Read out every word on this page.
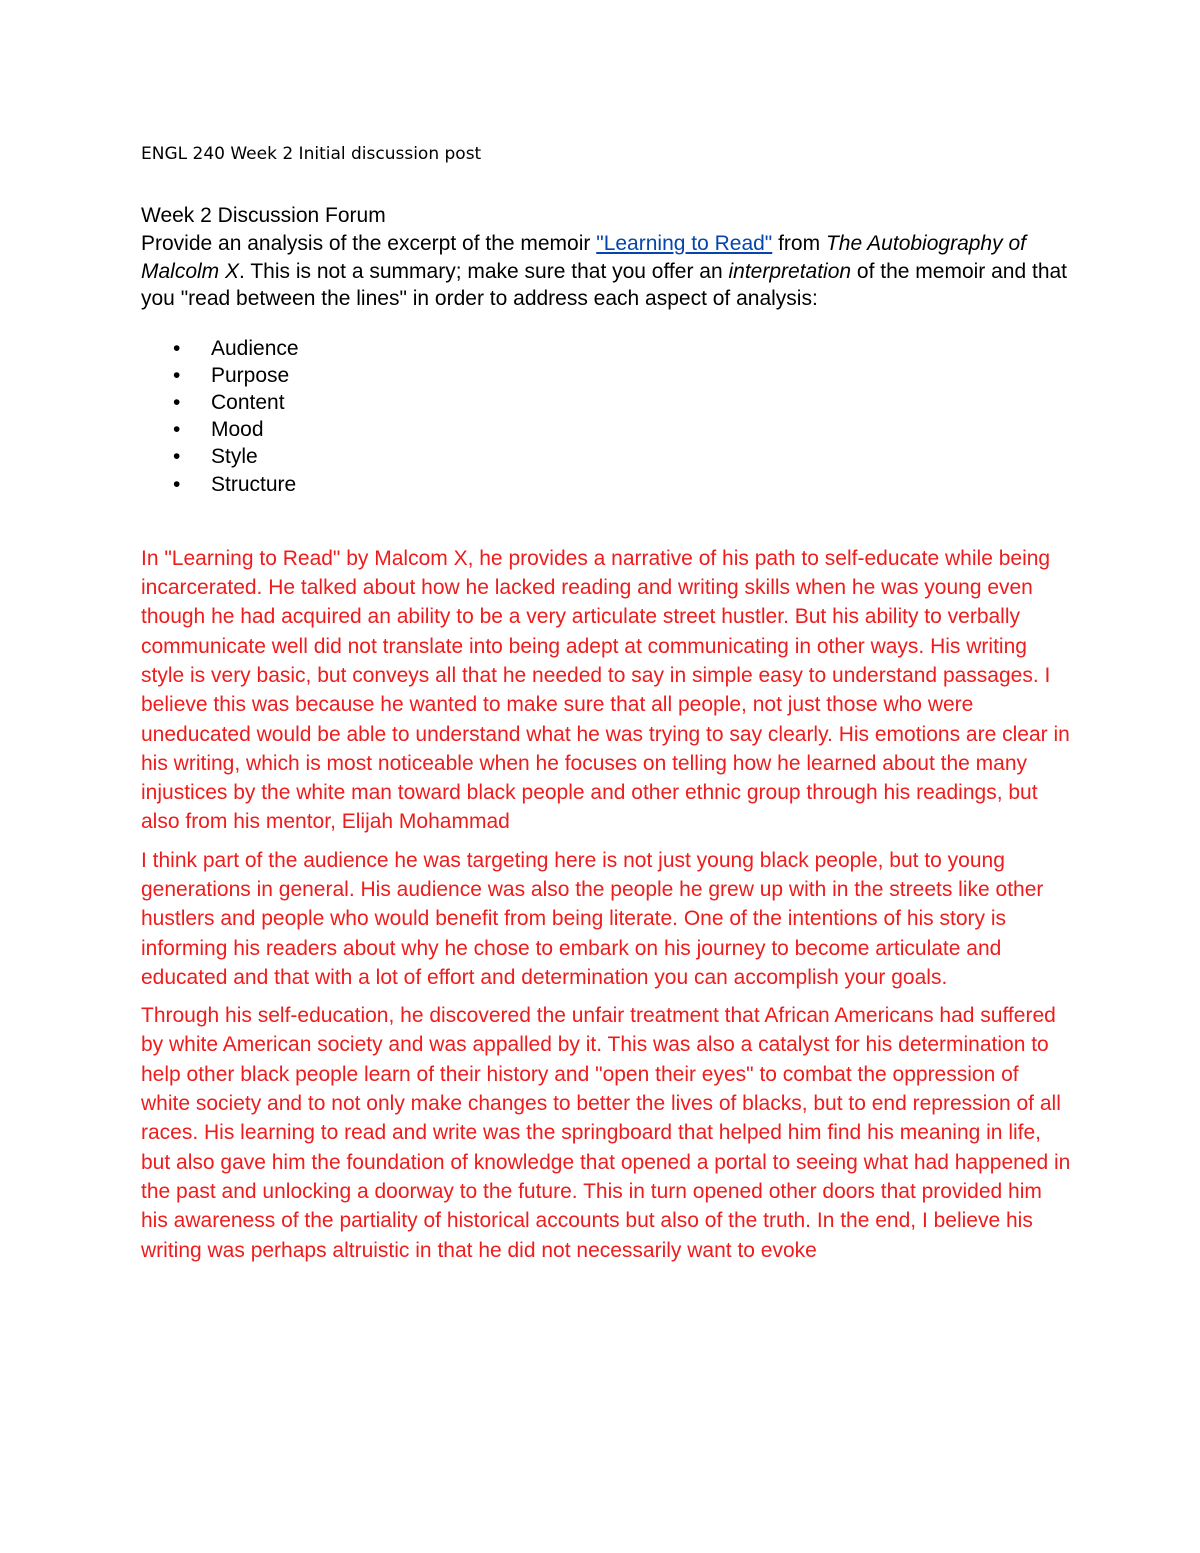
ENGL 240 Week 2 Initial discussion post

Week 2 Discussion Forum

Provide an analysis of the excerpt of the memoir "Learning to Read" from The Autobiography of Malcolm X. This is not a summary; make sure that you offer an interpretation of the memoir and that you "read between the lines" in order to address each aspect of analysis:

• Audience
• Purpose
• Content
• Mood
• Style
• Structure

In "Learning to Read" by Malcom X, he provides a narrative of his path to self-educate while being incarcerated. He talked about how he lacked reading and writing skills when he was young even though he had acquired an ability to be a very articulate street hustler. But his ability to verbally communicate well did not translate into being adept at communicating in other ways. His writing style is very basic, but conveys all that he needed to say in simple easy to understand passages. I believe this was because he wanted to make sure that all people, not just those who were uneducated would be able to understand what he was trying to say clearly. His emotions are clear in his writing, which is most noticeable when he focuses on telling how he learned about the many injustices by the white man toward black people and other ethnic group through his readings, but also from his mentor, Elijah Mohammad

I think part of the audience he was targeting here is not just young black people, but to young generations in general. His audience was also the people he grew up with in the streets like other hustlers and people who would benefit from being literate. One of the intentions of his story is informing his readers about why he chose to embark on his journey to become articulate and educated and that with a lot of effort and determination you can accomplish your goals.

Through his self-education, he discovered the unfair treatment that African Americans had suffered by white American society and was appalled by it. This was also a catalyst for his determination to help other black people learn of their history and "open their eyes" to combat the oppression of white society and to not only make changes to better the lives of blacks, but to end repression of all races. His learning to read and write was the springboard that helped him find his meaning in life, but also gave him the foundation of knowledge that opened a portal to seeing what had happened in the past and unlocking a doorway to the future. This in turn opened other doors that provided him his awareness of the partiality of historical accounts but also of the truth. In the end, I believe his writing was perhaps altruistic in that he did not necessarily want to evoke
